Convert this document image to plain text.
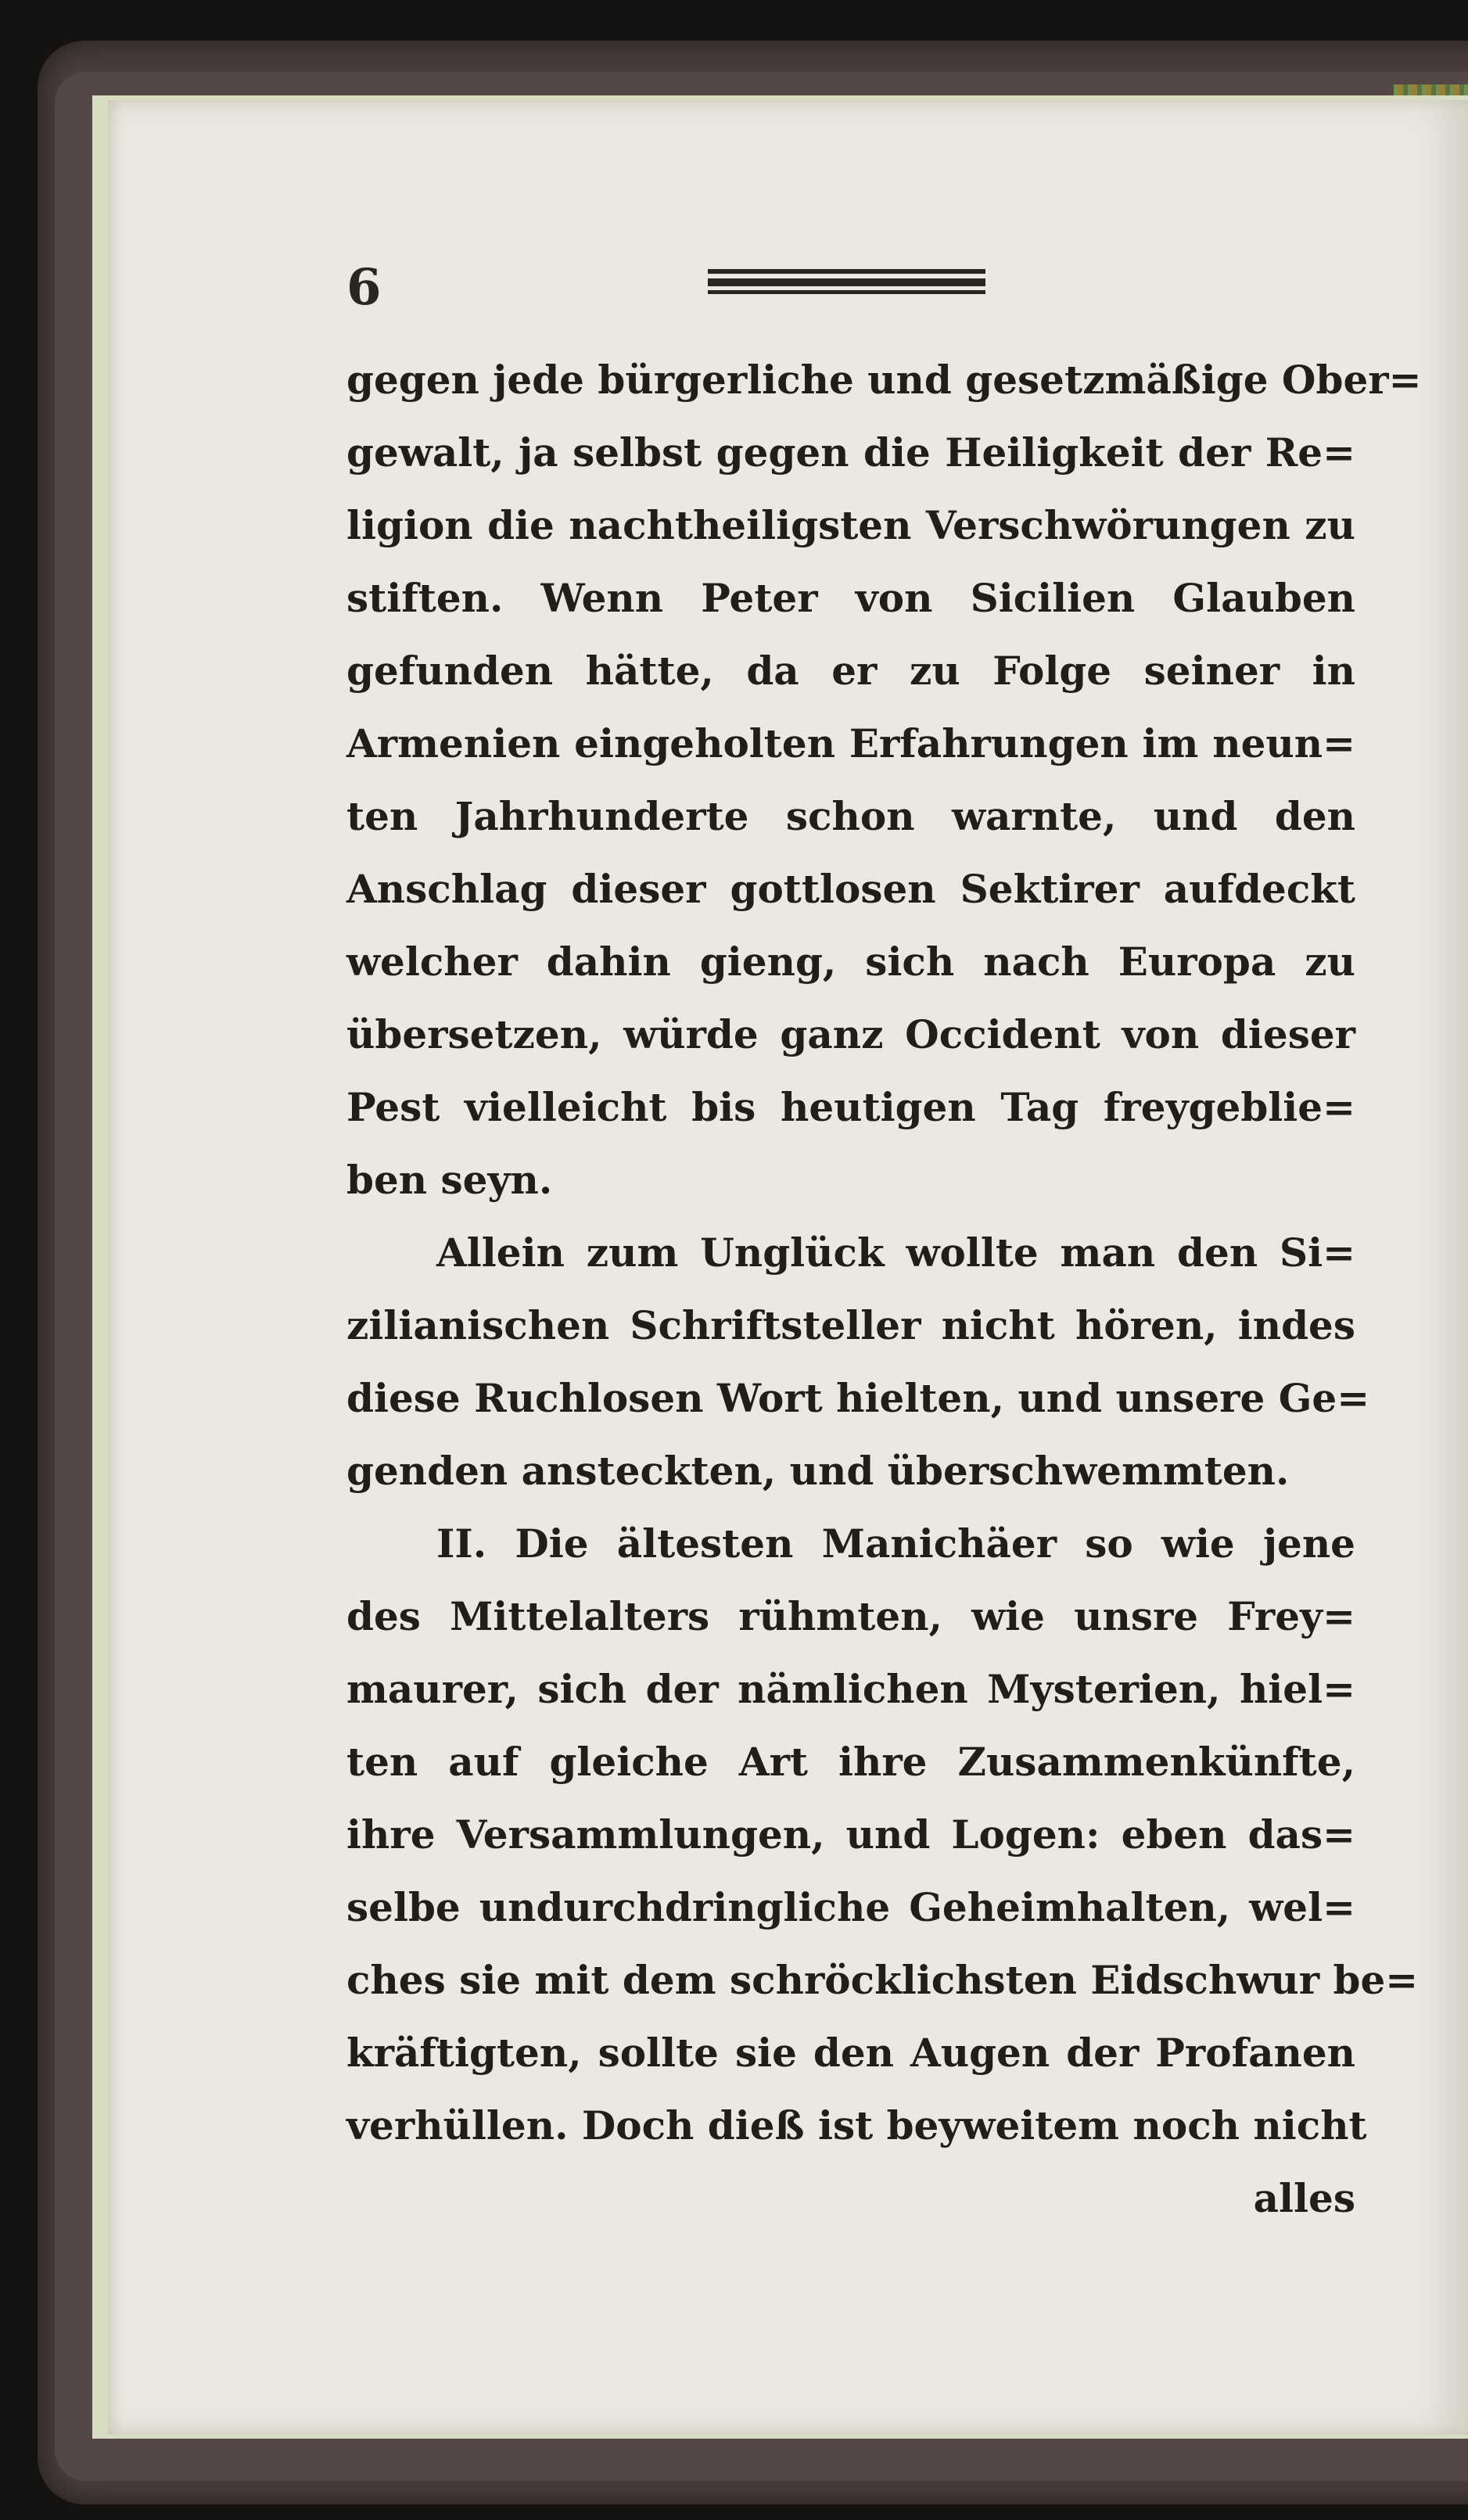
6
gegen jede bürgerliche und gesetzmäßige Ober=
gewalt, ja selbst gegen die Heiligkeit der Re=
ligion die nachtheiligsten Verschwörungen zu
stiften. Wenn Peter von Sicilien Glauben
gefunden hätte, da er zu Folge seiner in
Armenien eingeholten Erfahrungen im neun=
ten Jahrhunderte schon warnte, und den
Anschlag dieser gottlosen Sektirer aufdeckt
welcher dahin gieng, sich nach Europa zu
übersetzen, würde ganz Occident von dieser
Pest vielleicht bis heutigen Tag freygeblie=
ben seyn.
Allein zum Unglück wollte man den Si=
zilianischen Schriftsteller nicht hören, indes
diese Ruchlosen Wort hielten, und unsere Ge=
genden ansteckten, und überschwemmten.
II. Die ältesten Manichäer so wie jene
des Mittelalters rühmten, wie unsre Frey=
maurer, sich der nämlichen Mysterien, hiel=
ten auf gleiche Art ihre Zusammenkünfte,
ihre Versammlungen, und Logen: eben das=
selbe undurchdringliche Geheimhalten, wel=
ches sie mit dem schröcklichsten Eidschwur be=
kräftigten, sollte sie den Augen der Profanen
verhüllen. Doch dieß ist beyweitem noch nicht
alles
